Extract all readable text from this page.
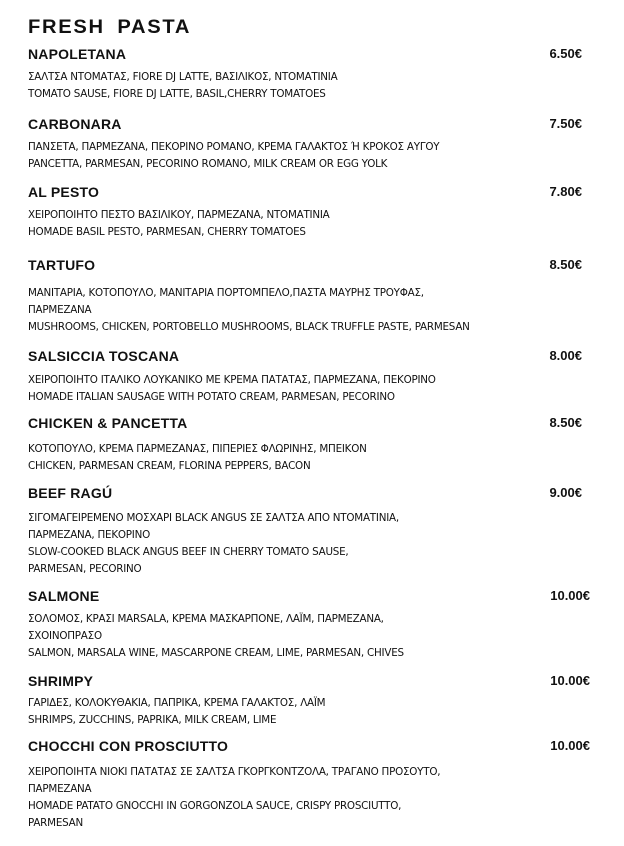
FRESH PASTA
NAPOLETANA	6.50€
ΣΑΛΤΣΑ ΝΤΟΜΑΤΑΣ, FIORE DJ LATTE, ΒΑΣΙΛΙΚΟΣ, ΝΤΟΜΑΤΙΝΙΑ
TOMATO SAUSE, FIORE DJ LATTE, BASIL,CHERRY TOMATOES
CARBONARA	7.50€
ΠΑΝΣΕΤΑ, ΠΑΡΜΕΖΑΝΑ, ΠΕΚΟΡΙΝΟ ΡΟΜΑΝΟ, ΚΡΕΜΑ ΓΑΛΑΚΤΟΣ Ή ΚΡΟΚΟΣ ΑΥΓΟΥ
PANCETTA, PARMESAN, PECORINO ROMANO, MILK CREAM OR EGG YOLK
AL PESTO	7.80€
ΧΕΙΡΟΠΟΙΗΤΟ ΠΕΣΤΟ ΒΑΣΙΛΙΚΟΥ, ΠΑΡΜΕΖΑΝΑ, ΝΤΟΜΑΤΙΝΙΑ
HOMADE BASIL PESTO, PARMESAN, CHERRY TOMATOES
TARTUFO	8.50€
ΜΑΝΙΤΑΡΙΑ, ΚΟΤΟΠΟΥΛΟ, ΜΑΝΙΤΑΡΙΑ ΠΟΡΤΟΜΠΕΛΟ,ΠΑΣΤΑ ΜΑΥΡΗΣ ΤΡΟΥΦΑΣ,
ΠΑΡΜΕΖΑΝΑ
MUSHROOMS, CHICKEN, PORTOBELLO MUSHROOMS, BLACK TRUFFLE PASTE, PARMESAN
SALSICCIA TOSCANA	8.00€
ΧΕΙΡΟΠΟΙΗΤΟ ΙΤΑΛΙΚΟ ΛΟΥΚΑΝΙΚΟ ΜΕ ΚΡΕΜΑ ΠΑΤΑΤΑΣ, ΠΑΡΜΕΖΑΝΑ, ΠΕΚΟΡΙΝΟ
HOMADE ITALIAN SAUSAGE WITH POTATO CREAM, PARMESAN, PECORINO
CHICKEN & PANCETTA	8.50€
ΚΟΤΟΠΟΥΛΟ, ΚΡΕΜΑ ΠΑΡΜΕΖΑΝΑΣ, ΠΙΠΕΡΙΕΣ ΦΛΩΡΙΝΗΣ, ΜΠΕΙΚΟΝ
CHICKEN, PARMESAN CREAM, FLORINA PEPPERS, BACON
BEEF RAGÚ	9.00€
ΣΙΓΟΜΑΓΕΙΡΕΜΕΝΟ ΜΟΣΧΑΡΙ BLACK ANGUS ΣΕ ΣΑΛΤΣΑ ΑΠΟ ΝΤΟΜΑΤΙΝΙΑ,
ΠΑΡΜΕΖΑΝΑ, ΠΕΚΟΡΙΝΟ
SLOW-COOKED BLACK ANGUS BEEF IN CHERRY TOMATO SAUSE,
PARMESAN, PECORINO
SALMONE	10.00€
ΣΟΛΟΜΟΣ, ΚΡΑΣΙ MARSALA, ΚΡΕΜΑ ΜΑΣΚΑΡΠΟΝΕ, ΛΑΪΜ, ΠΑΡΜΕΖΑΝΑ,
ΣΧΟΙΝΟΠΡΑΣΟ
SALMON, MARSALA WINE, MASCARPONE CREAM, LIME, PARMESAN, CHIVES
SHRIMPY	10.00€
ΓΑΡΙΔΕΣ, ΚΟΛΟΚΥΘΑΚΙΑ, ΠΑΠΡΙΚΑ, ΚΡΕΜΑ ΓΑΛΑΚΤΟΣ, ΛΑΪΜ
SHRIMPS, ZUCCHINS, PAPRIKA, MILK CREAM, LIME
CHOCCHI CON PROSCIUTTO	10.00€
ΧΕΙΡΟΠΟΙΗΤΑ ΝΙΟΚΙ ΠΑΤΑΤΑΣ ΣΕ ΣΑΛΤΣΑ ΓΚΟΡΓΚΟΝΤΖΟΛΑ, ΤΡΑΓΑΝΟ ΠΡΟΣΟΥΤΟ,
ΠΑΡΜΕΖΑΝΑ
HOMADE PATATO GNOCCHI IN GORGONZOLA SAUCE, CRISPY PROSCIUTTO,
PARMESAN
